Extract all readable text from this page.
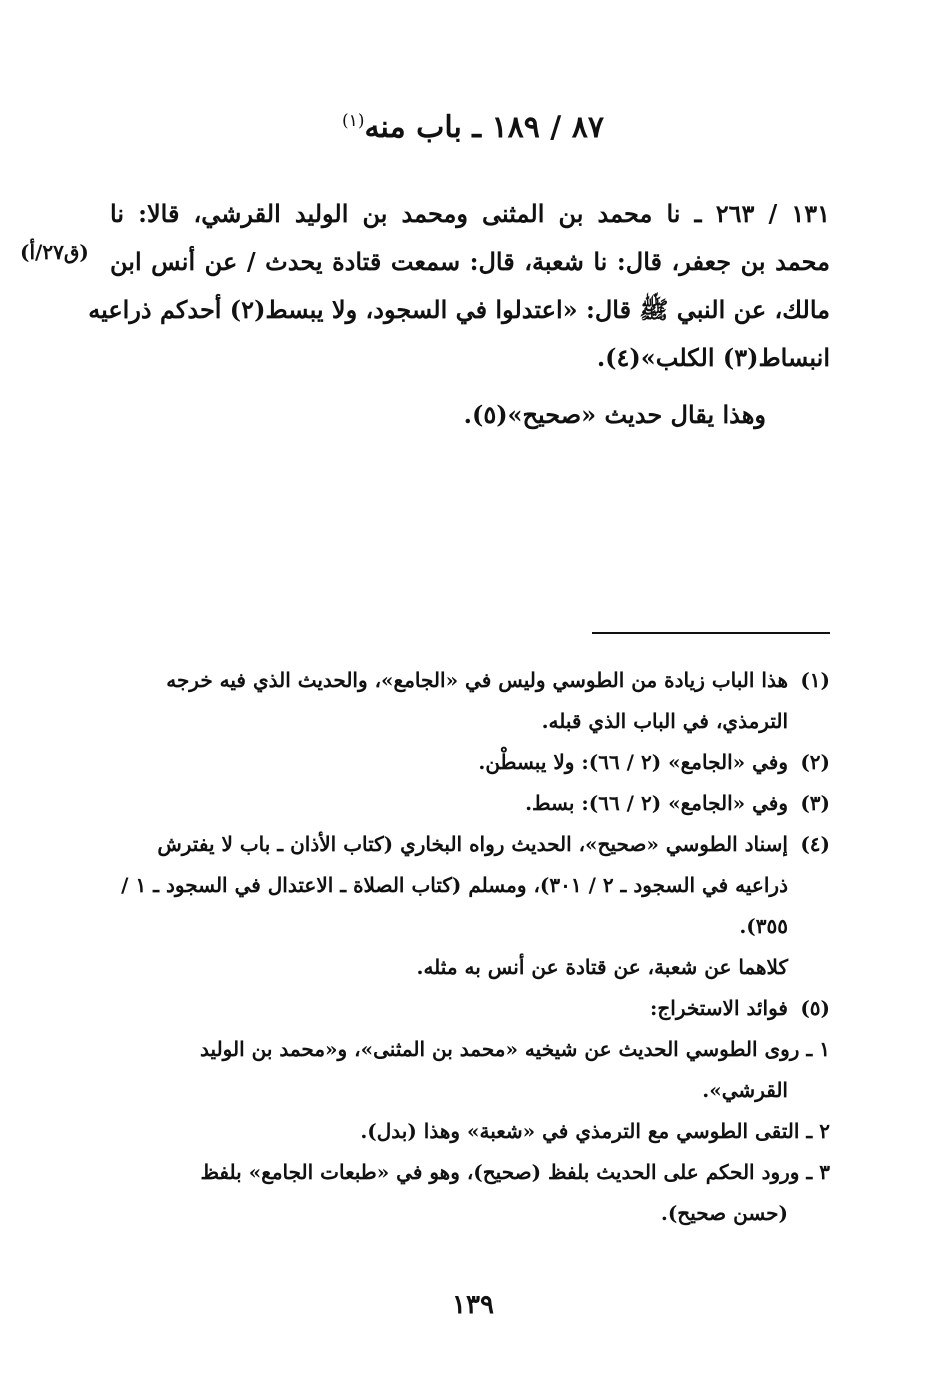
٨٧ / ١٨٩ ـ باب منه$^{(١)}$
١٣١ / ٢٦٣ ـ نا محمد بن المثنى ومحمد بن الوليد القرشي، قالا: نا
محمد بن جعفر، قال: نا شعبة، قال: سمعت قتادة يحدث / عن أنس ابن
مالك، عن النبي ﷺ قال: «اعتدلوا في السجود، ولا يبسط(٢) أحدكم ذراعيه
انبساط(٣) الكلب»(٤).
(ق٢٧/أ)
وهذا يقال حديث «صحيح»(٥).
(١)هذا الباب زيادة من الطوسي وليس في «الجامع»، والحديث الذي فيه خرجه
الترمذي، في الباب الذي قبله.
(٢)وفي «الجامع» (٢ / ٦٦): ولا يبسطْن.
(٣)وفي «الجامع» (٢ / ٦٦): بسط.
(٤)إسناد الطوسي «صحيح»، الحديث رواه البخاري (كتاب الأذان ـ باب لا يفترش
ذراعيه في السجود ـ ٢ / ٣٠١)، ومسلم (كتاب الصلاة ـ الاعتدال في السجود ـ ١ /
٣٥٥).
كلاهما عن شعبة، عن قتادة عن أنس به مثله.
(٥)فوائد الاستخراج:
١ ـ روى الطوسي الحديث عن شيخيه «محمد بن المثنى»، و«محمد بن الوليد
القرشي».
٢ ـ التقى الطوسي مع الترمذي في «شعبة» وهذا (بدل).
٣ ـ ورود الحكم على الحديث بلفظ (صحيح)، وهو في «طبعات الجامع» بلفظ
(حسن صحيح).
١٣٩
